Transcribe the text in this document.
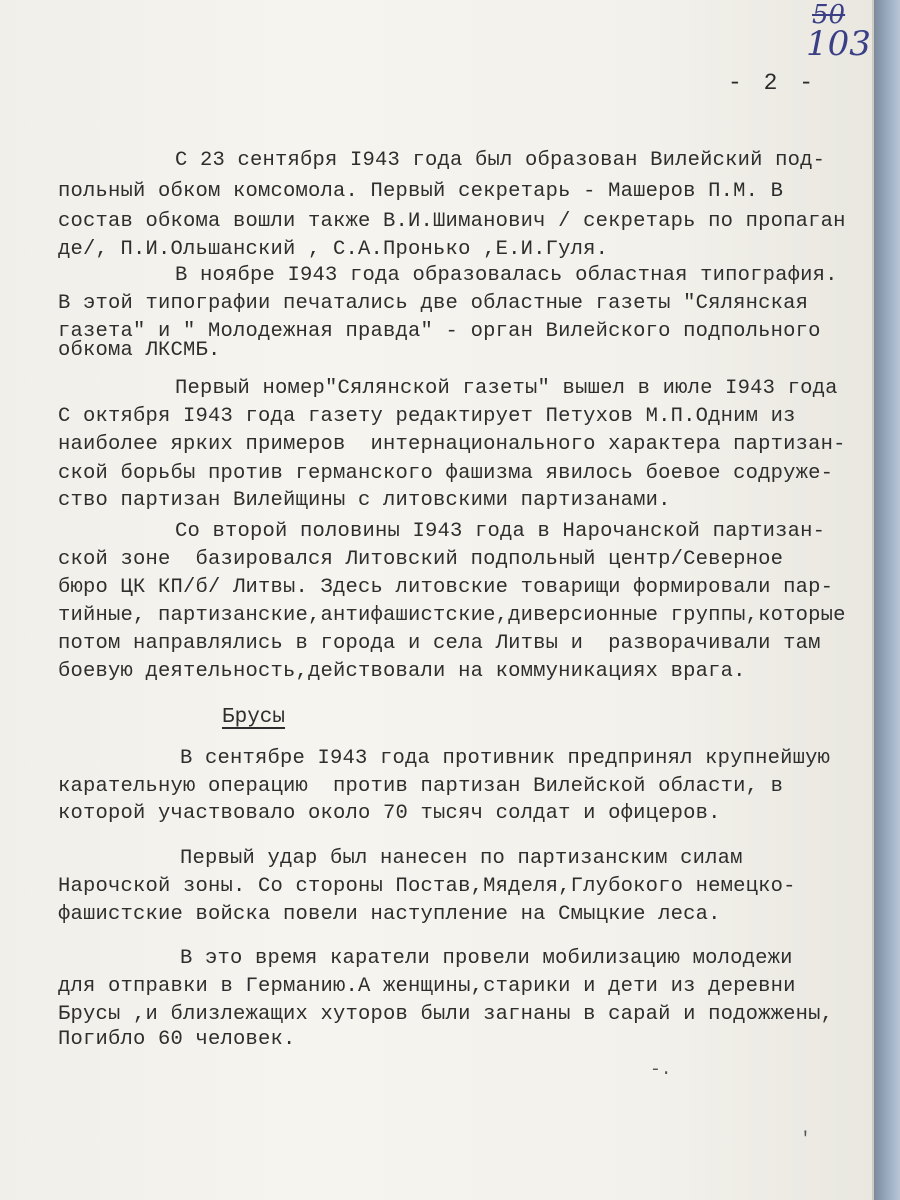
50
103
- 2 -
С 23 сентября I943 года был образован Вилейский под-
польный обком комсомола. Первый секретарь - Машеров П.М. В
состав обкома вошли также В.И.Шиманович / секретарь по пропаган
де/, П.И.Ольшанский , С.А.Пронько ,Е.И.Гуля.
В ноябре I943 года образовалась областная типография.
В этой типографии печатались две областные газеты "Сялянская
газета" и " Молодежная правда" - орган Вилейского подпольного
обкома ЛКСМБ.
Первый номер"Сялянской газеты" вышел в июле I943 года
С октября I943 года газету редактирует Петухов М.П.Одним из
наиболее ярких примеров  интернационального характера партизан-
ской борьбы против германского фашизма явилось боевое содруже-
ство партизан Вилейщины с литовскими партизанами.
Со второй половины I943 года в Нарочанской партизан-
ской зоне  базировался Литовский подпольный центр/Северное
бюро ЦК КП/б/ Литвы. Здесь литовские товарищи формировали пар-
тийные, партизанские,антифашистские,диверсионные группы,которые
потом направлялись в города и села Литвы и  разворачивали там
боевую деятельность,действовали на коммуникациях врага.
Брусы
В сентябре I943 года противник предпринял крупнейшую
карательную операцию  против партизан Вилейской области, в
которой участвовало около 70 тысяч солдат и офицеров.
Первый удар был нанесен по партизанским силам
Нарочской зоны. Со стороны Постав,Мяделя,Глубокого немецко-
фашистские войска повели наступление на Смыцкие леса.
В это время каратели провели мобилизацию молодежи
для отправки в Германию.А женщины,старики и дети из деревни
Брусы ,и близлежащих хуторов были загнаны в сарай и подожжены,
Погибло 60 человек.
-.
'
